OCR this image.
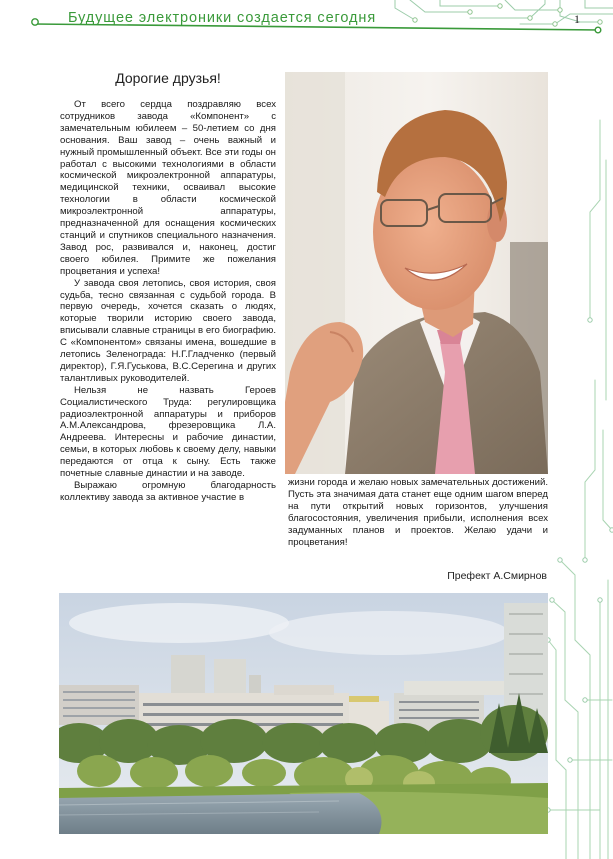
Будущее электроники создается сегодня	1
Дорогие друзья!

От всего сердца поздравляю всех сотрудников завода «Компонент» с замечательным юбилеем – 50-летием со дня основания. Ваш завод – очень важный и нужный промышленный объект. Все эти годы он работал с высокими технологиями в области космической микроэлектронной аппаратуры, медицинской техники, осваивал высокие технологии в области космической микроэлектронной аппаратуры, предназначенной для оснащения космических станций и спутников специального назначения. Завод рос, развивался и, наконец, достиг своего юбилея. Примите же пожелания процветания и успеха!

У завода своя летопись, своя история, своя судьба, тесно связанная с судьбой города. В первую очередь, хочется сказать о людях, которые творили историю своего завода, вписывали славные страницы в его биографию. С «Компонентом» связаны имена, вошедшие в летопись Зеленограда: Н.Г.Гладченко (первый директор), Г.Я.Гуськова, В.С.Серегина и других талантливых руководителей.

Нельзя не назвать Героев Социалистического Труда: регулировщика радиоэлектронной аппаратуры и приборов А.М.Александрова, фрезеровщика Л.А. Андреева. Интересны и рабочие династии, семьи, в которых любовь к своему делу, навыки передаются от отца к сыну. Есть также почетные славные династии и на заводе.

Выражаю огромную благодарность коллективу завода за активное участие в

жизни города и желаю новых замечательных достижений. Пусть эта значимая дата станет еще одним шагом вперед на пути открытий новых горизонтов, улучшения благосостояния, увеличения прибыли, исполнения всех задуманных планов и проектов. Желаю удачи и процветания!

Префект А.Смирнов
